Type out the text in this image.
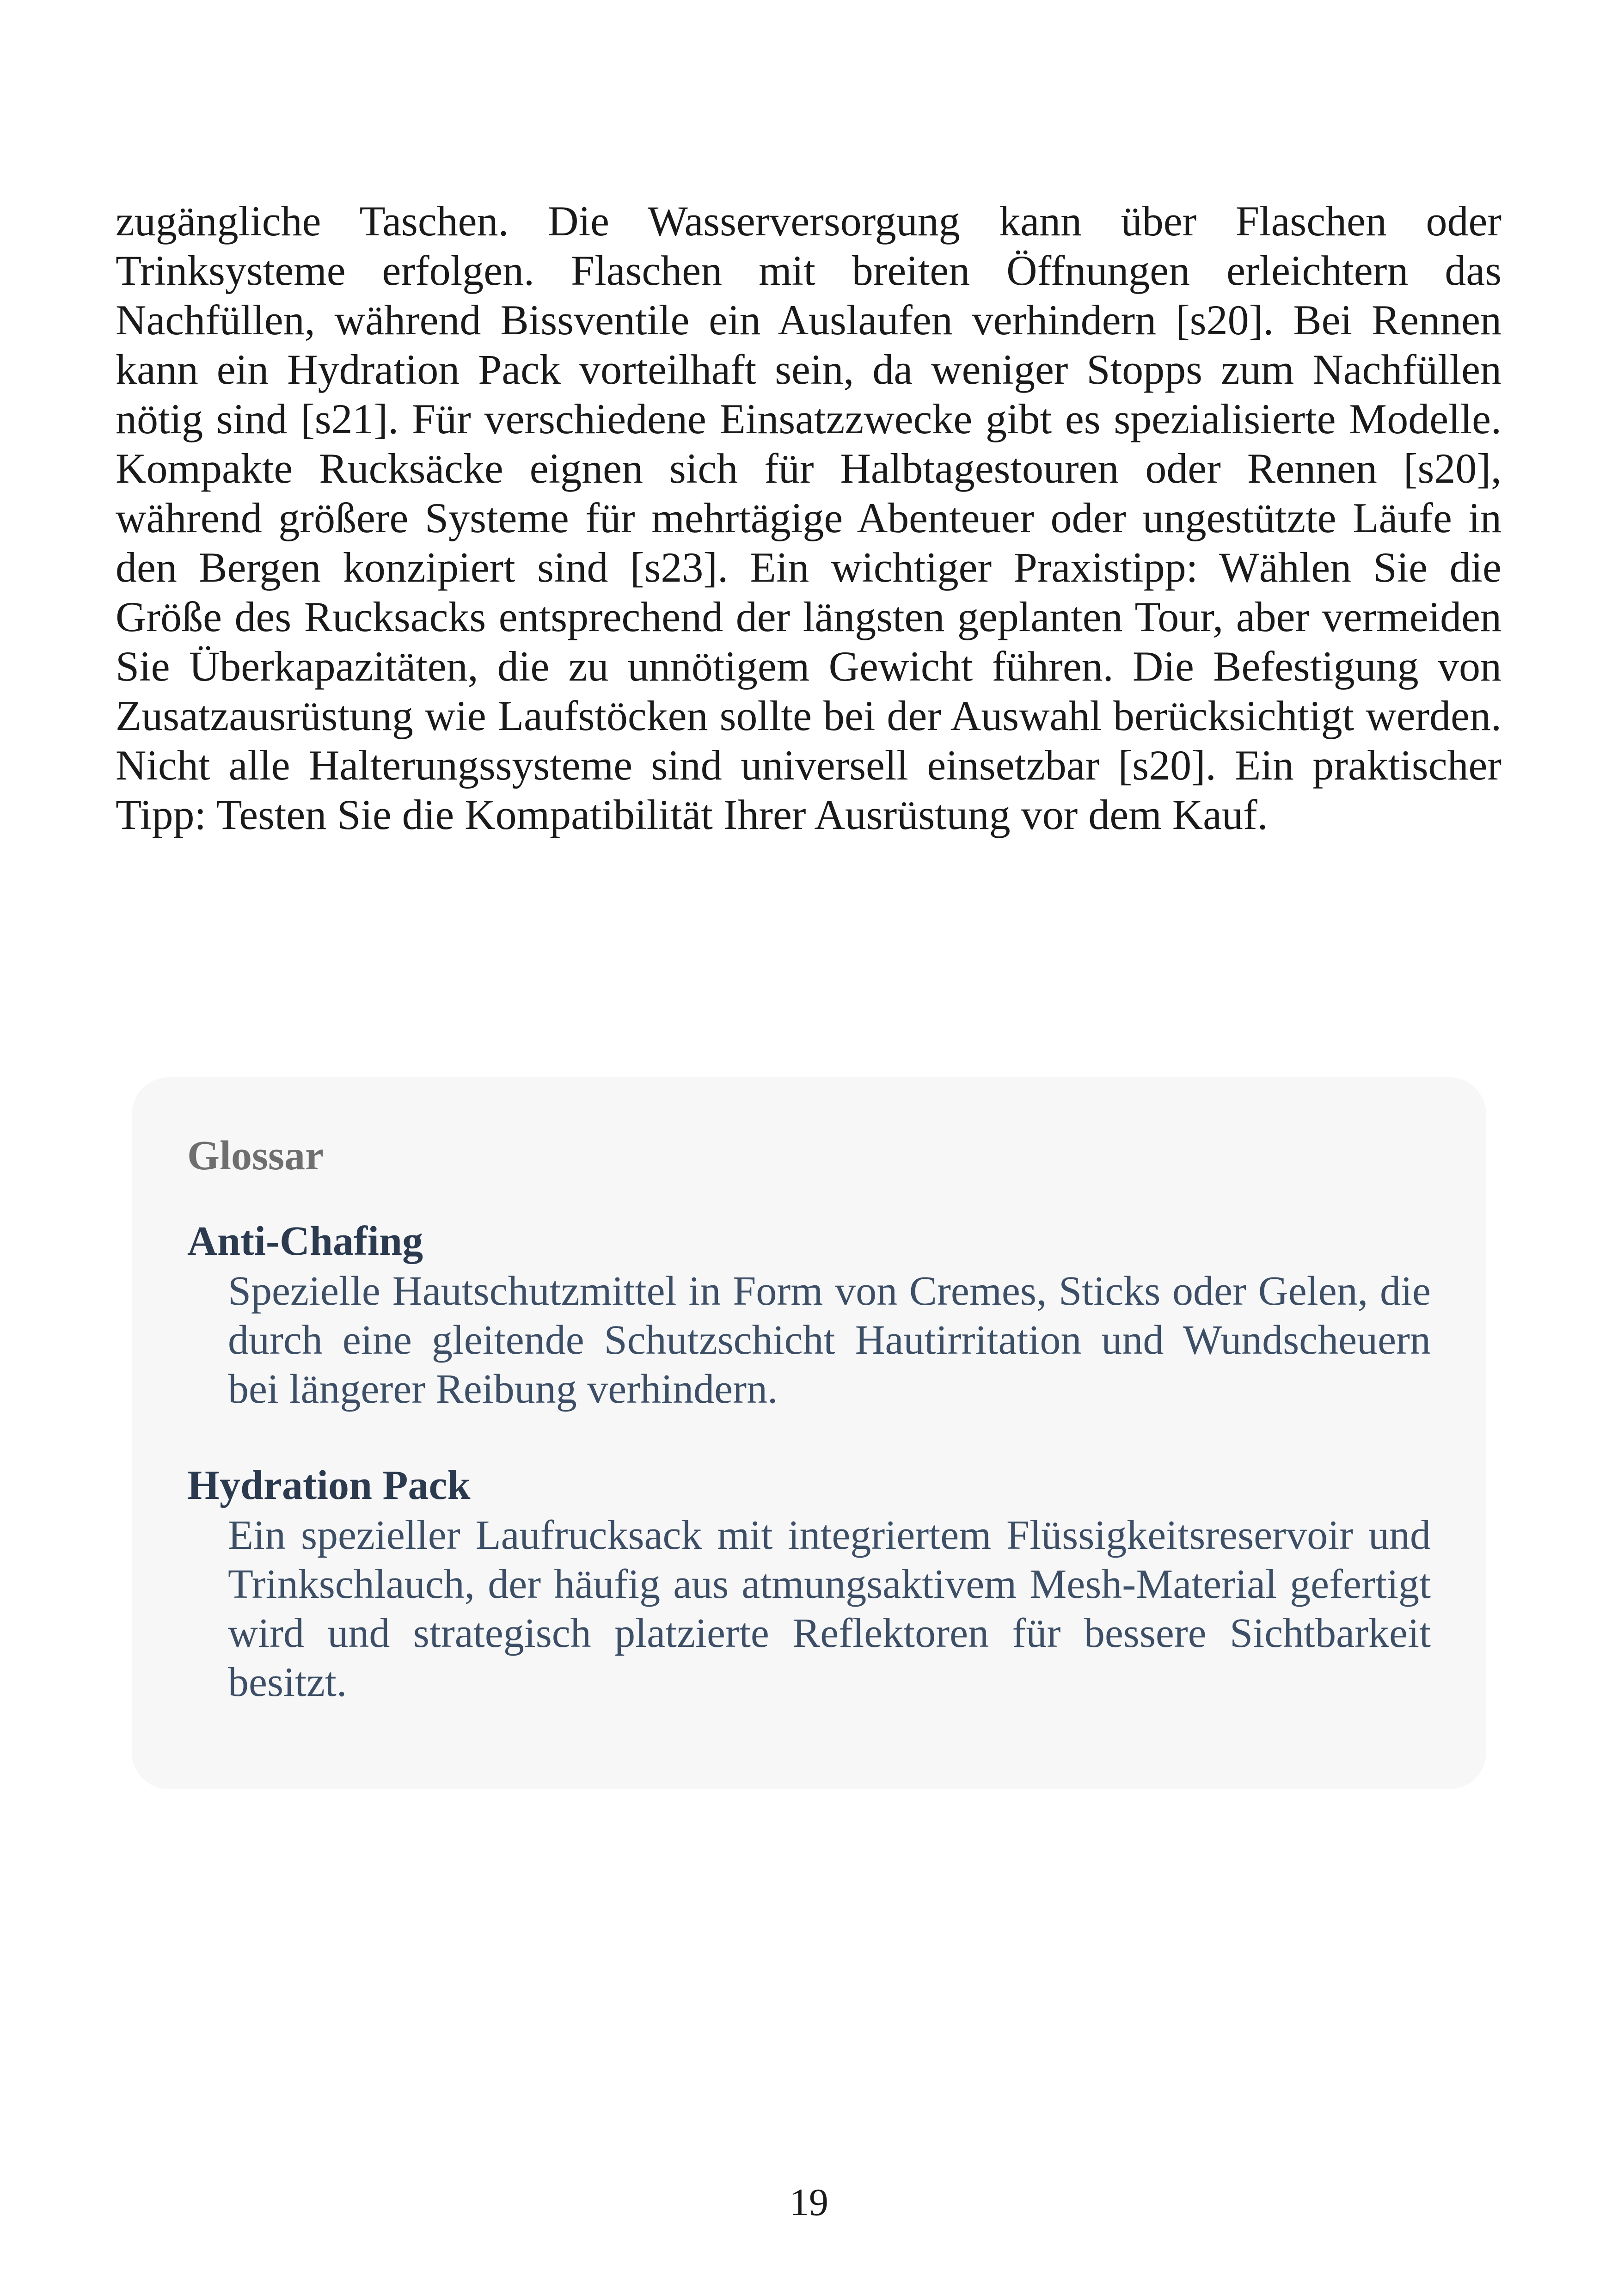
zugängliche Taschen. Die Wasserversorgung kann über Flaschen oder Trinksysteme erfolgen. Flaschen mit breiten Öffnungen erleichtern das Nachfüllen, während Bissventile ein Auslaufen verhindern [s20]. Bei Rennen kann ein Hydration Pack vorteilhaft sein, da weniger Stopps zum Nachfüllen nötig sind [s21]. Für verschiedene Einsatzzwecke gibt es spezialisierte Modelle. Kompakte Rucksäcke eignen sich für Halbtagestouren oder Rennen [s20], während größere Systeme für mehrtägige Abenteuer oder ungestützte Läufe in den Bergen konzipiert sind [s23]. Ein wichtiger Praxistipp: Wählen Sie die Größe des Rucksacks entsprechend der längsten geplanten Tour, aber vermeiden Sie Überkapazitäten, die zu unnötigem Gewicht führen. Die Befestigung von Zusatzausrüstung wie Laufstöcken sollte bei der Auswahl berücksichtigt werden. Nicht alle Halterungssysteme sind universell einsetzbar [s20]. Ein praktischer Tipp: Testen Sie die Kompatibilität Ihrer Ausrüstung vor dem Kauf.

Glossar
Anti-Chafing

Spezielle Hautschutzmittel in Form von Cremes, Sticks oder Gelen, die durch eine gleitende Schutzschicht Hautirritation und Wundscheuern bei längerer Reibung verhindern.

Hydration Pack

Ein spezieller Laufrucksack mit integriertem Flüssigkeitsreservoir und Trinkschlauch, der häufig aus atmungsaktivem Mesh-Material gefertigt wird und strategisch platzierte Reflektoren für bessere Sichtbarkeit besitzt.

19
